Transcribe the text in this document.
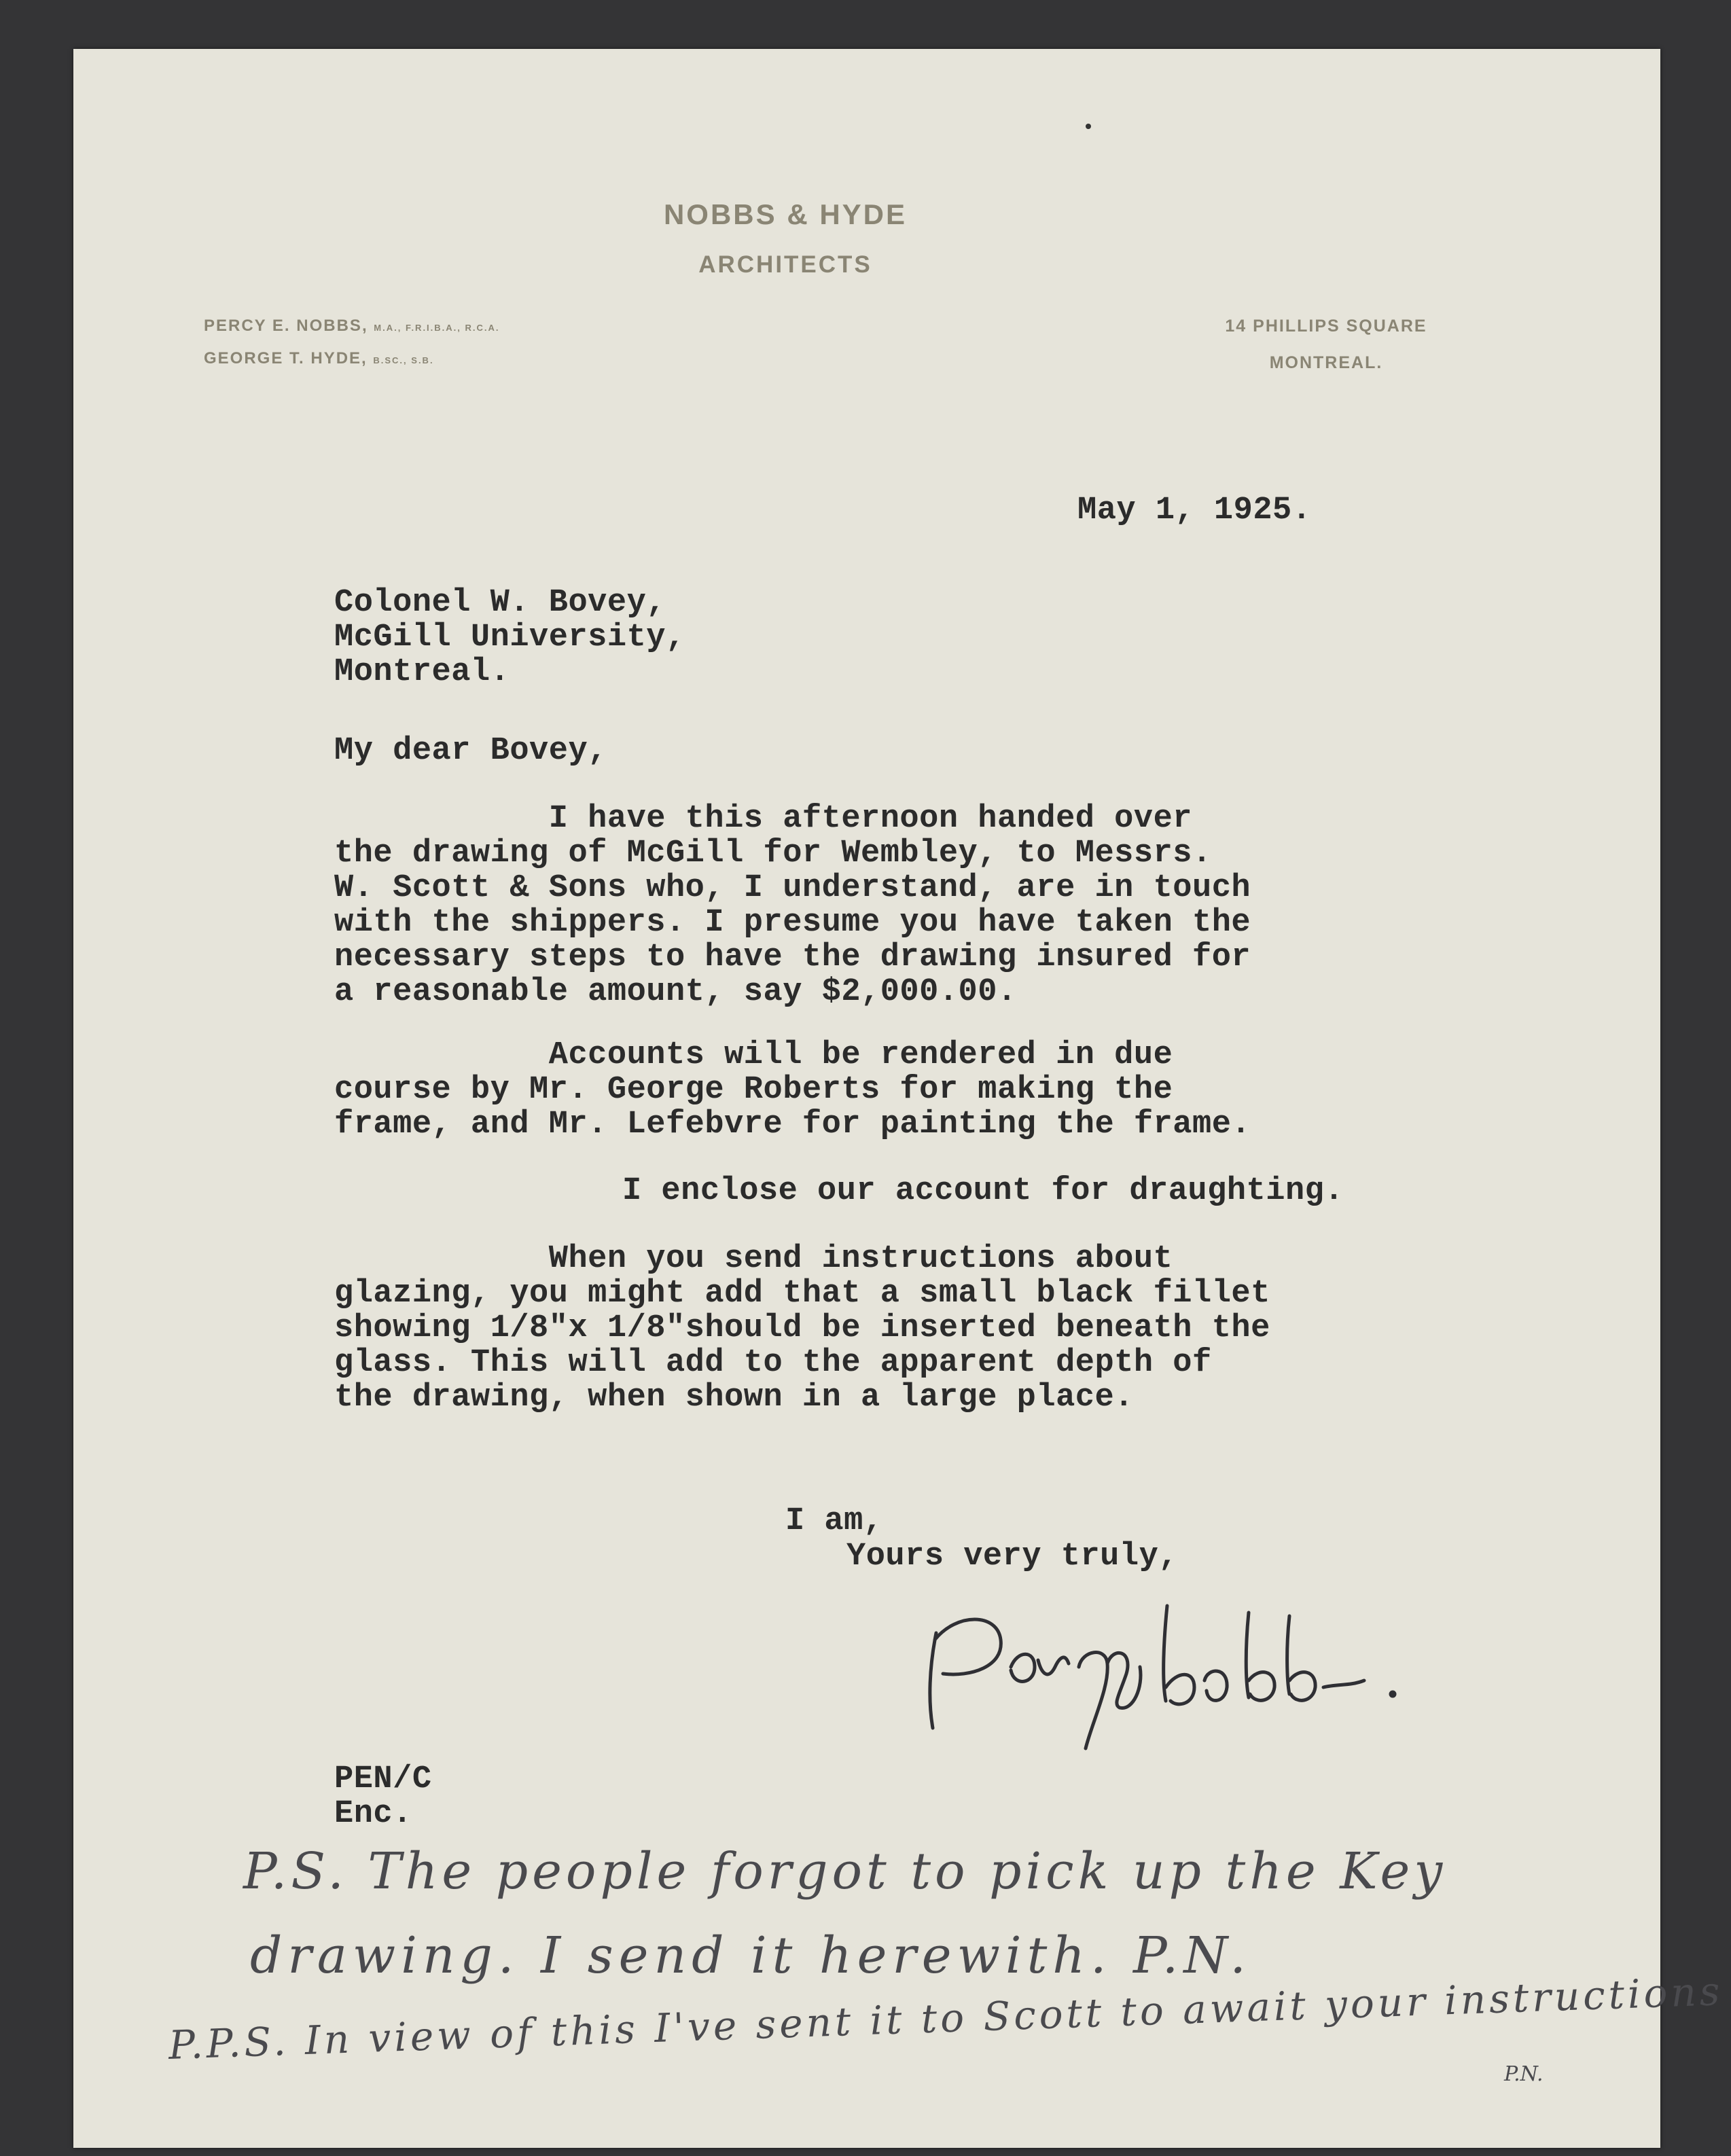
NOBBS & HYDE
ARCHITECTS
PERCY E. NOBBS, M.A., F.R.I.B.A., R.C.A.
GEORGE T. HYDE, B.SC., S.B.
14 PHILLIPS SQUARE
MONTREAL.
May 1, 1925.
Colonel W. Bovey,
McGill University,
Montreal.
My dear Bovey,
I have this afternoon handed over
the drawing of McGill for Wembley, to Messrs.
W. Scott & Sons who, I understand, are in touch
with the shippers. I presume you have taken the
necessary steps to have the drawing insured for
a reasonable amount, say $2,000.00.
Accounts will be rendered in due
course by Mr. George Roberts for making the
frame, and Mr. Lefebvre for painting the frame.
I enclose our account for draughting.
When you send instructions about
glazing, you might add that a small black fillet
showing 1/8"x 1/8"should be inserted beneath the
glass. This will add to the apparent depth of
the drawing, when shown in a large place.
I am,
Yours very truly,
PEN/C
Enc.
P.S. The people forgot to pick up the Key
drawing. I send it herewith. P.N.
P.P.S. In view of this I've sent it to Scott to await your instructions
P.N.
